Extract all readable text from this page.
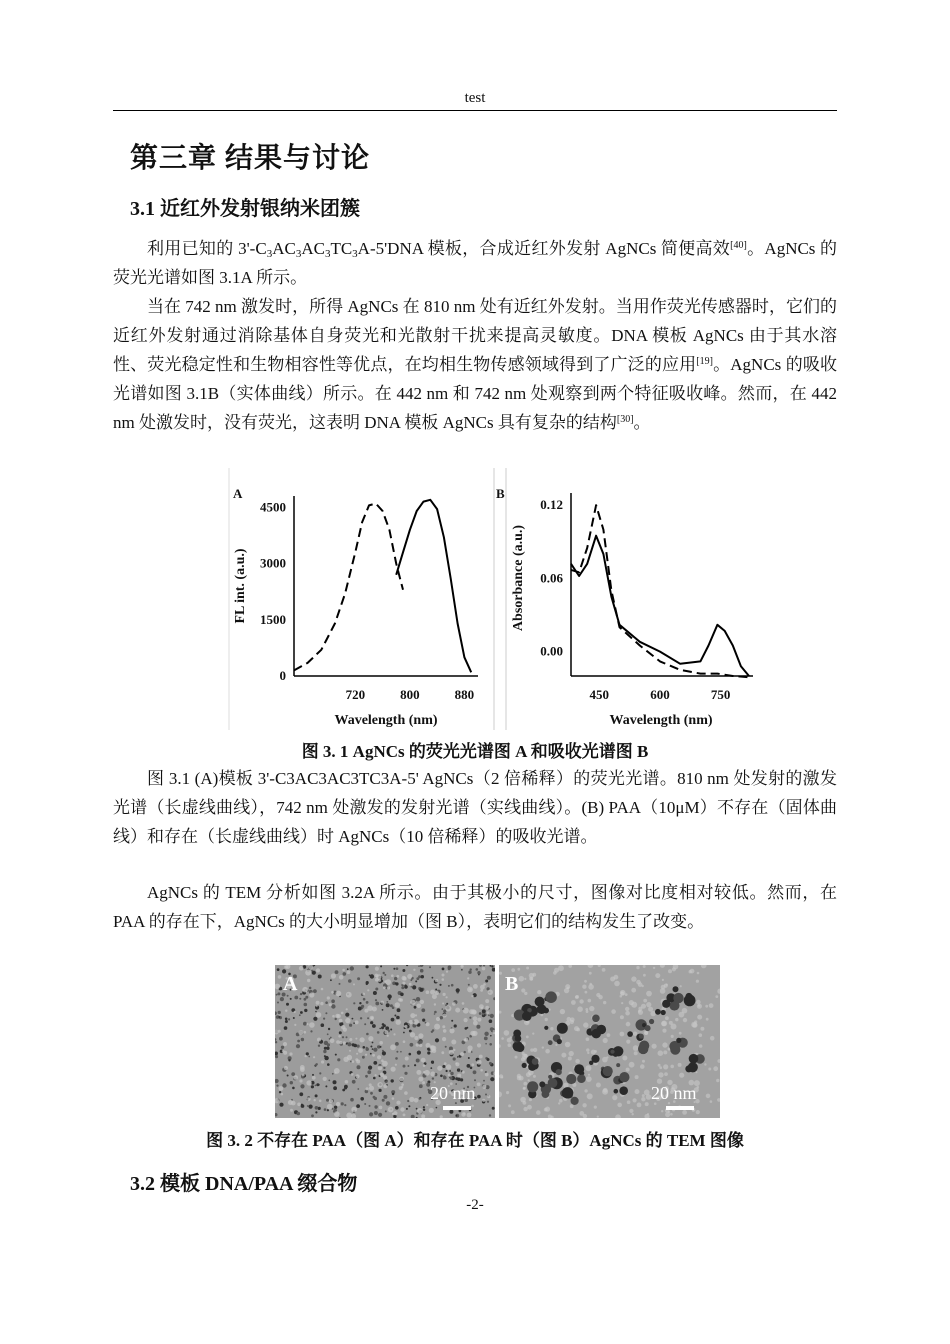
test
第三章 结果与讨论
3.1 近红外发射银纳米团簇

利用已知的 $3'-C_3AC_3AC_3TC_3A-5'DNA$ 模板，合成近红外发射 AgNCs 简便高效[40]。AgNCs 的荧光光谱如图 3.1A 所示。

当在 742 nm 激发时，所得 AgNCs 在 810 nm 处有近红外发射。当用作荧光传感器时，它们的近红外发射通过消除基体自身荧光和光散射干扰来提高灵敏度。DNA 模板 AgNCs 由于其水溶性、荧光稳定性和生物相容性等优点，在均相生物传感领域得到了广泛的应用[19]。AgNCs 的吸收光谱如图 3.1B（实体曲线）所示。在 442 nm 和 742 nm 处观察到两个特征吸收峰。然而，在 442 nm 处激发时，没有荧光，这表明 DNA 模板 AgNCs 具有复杂的结构[30]。

A
0
1500
3000
4500
720	800	880
FL int. (a.u.)
Wavelength (nm)
B
0.00
0.06
0.12
450	600	750
Absorbance (a.u.)
Wavelength (nm)
图 3. 1 AgNCs 的荧光光谱图 A 和吸收光谱图 B

图 3.1 (A)模板 3'-C3AC3AC3TC3A-5' AgNCs（2 倍稀释）的荧光光谱。810 nm 处发射的激发光谱（长虚线曲线），742 nm 处激发的发射光谱（实线曲线）。(B) PAA（10μM）不存在（固体曲线）和存在（长虚线曲线）时 AgNCs（10 倍稀释）的吸收光谱。

AgNCs 的 TEM 分析如图 3.2A 所示。由于其极小的尺寸，图像对比度相对较低。然而，在 PAA 的存在下，AgNCs 的大小明显增加（图 B），表明它们的结构发生了改变。

A
20 nm
B
20 nm
图 3. 2 不存在 PAA（图 A）和存在 PAA 时（图 B）AgNCs 的 TEM 图像
3.2 模板 DNA/PAA 缀合物
-2-
